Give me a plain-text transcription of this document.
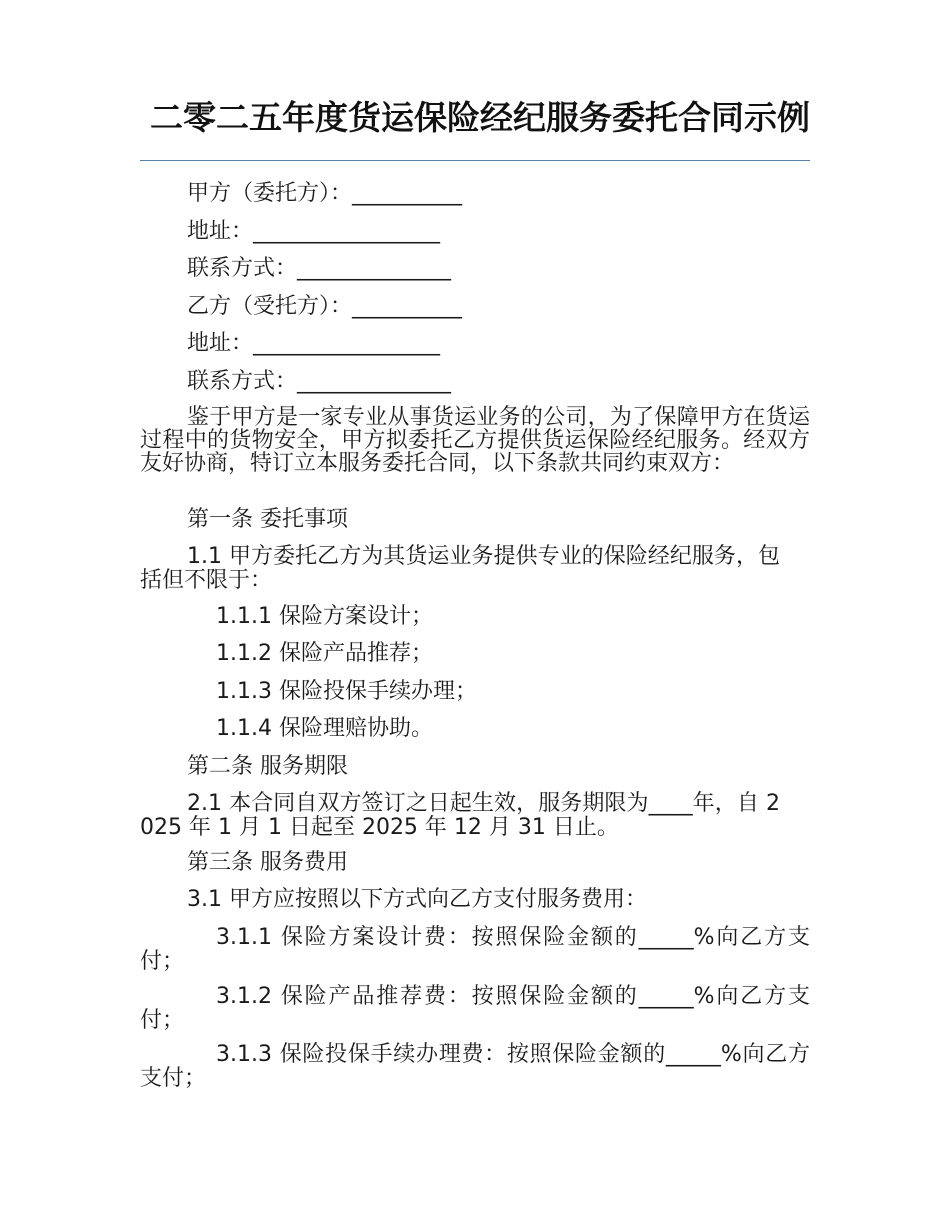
二零二五年度货运保险经纪服务委托合同示例
甲方（委托方）：__________
地址：_________________
联系方式：______________
乙方（受托方）：__________
地址：_________________
联系方式：______________
鉴于甲方是一家专业从事货运业务的公司，为了保障甲方在货运过程中的货物安全，甲方拟委托乙方提供货运保险经纪服务。经双方友好协商，特订立本服务委托合同，以下条款共同约束双方：
第一条 委托事项
1.1 甲方委托乙方为其货运业务提供专业的保险经纪服务，包括但不限于：
1.1.1 保险方案设计；
1.1.2 保险产品推荐；
1.1.3 保险投保手续办理；
1.1.4 保险理赔协助。
第二条 服务期限
2.1 本合同自双方签订之日起生效，服务期限为____年，自 2025 年 1 月 1 日起至 2025 年 12 月 31 日止。
第三条 服务费用
3.1 甲方应按照以下方式向乙方支付服务费用：
3.1.1 保险方案设计费：按照保险金额的_____%向乙方支付；
3.1.2 保险产品推荐费：按照保险金额的_____%向乙方支付；
3.1.3 保险投保手续办理费：按照保险金额的_____%向乙方支付；
